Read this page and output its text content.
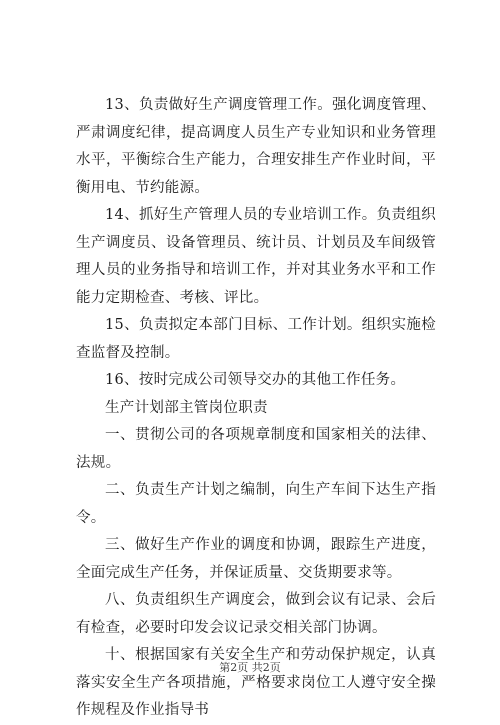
13、负责做好生产调度管理工作。强化调度管理、严肃调度纪律，提高调度人员生产专业知识和业务管理水平，平衡综合生产能力，合理安排生产作业时间，平衡用电、节约能源。

14、抓好生产管理人员的专业培训工作。负责组织生产调度员、设备管理员、统计员、计划员及车间级管理人员的业务指导和培训工作，并对其业务水平和工作能力定期检查、考核、评比。

15、负责拟定本部门目标、工作计划。组织实施检查监督及控制。

16、按时完成公司领导交办的其他工作任务。

生产计划部主管岗位职责

一、贯彻公司的各项规章制度和国家相关的法律、法规。

二、负责生产计划之编制，向生产车间下达生产指令。

三、做好生产作业的调度和协调，跟踪生产进度，全面完成生产任务，并保证质量、交货期要求等。

八、负责组织生产调度会，做到会议有记录、会后有检查，必要时印发会议记录交相关部门协调。

十、根据国家有关安全生产和劳动保护规定，认真落实安全生产各项措施，严格要求岗位工人遵守安全操作规程及作业指导书

第2页 共2页
